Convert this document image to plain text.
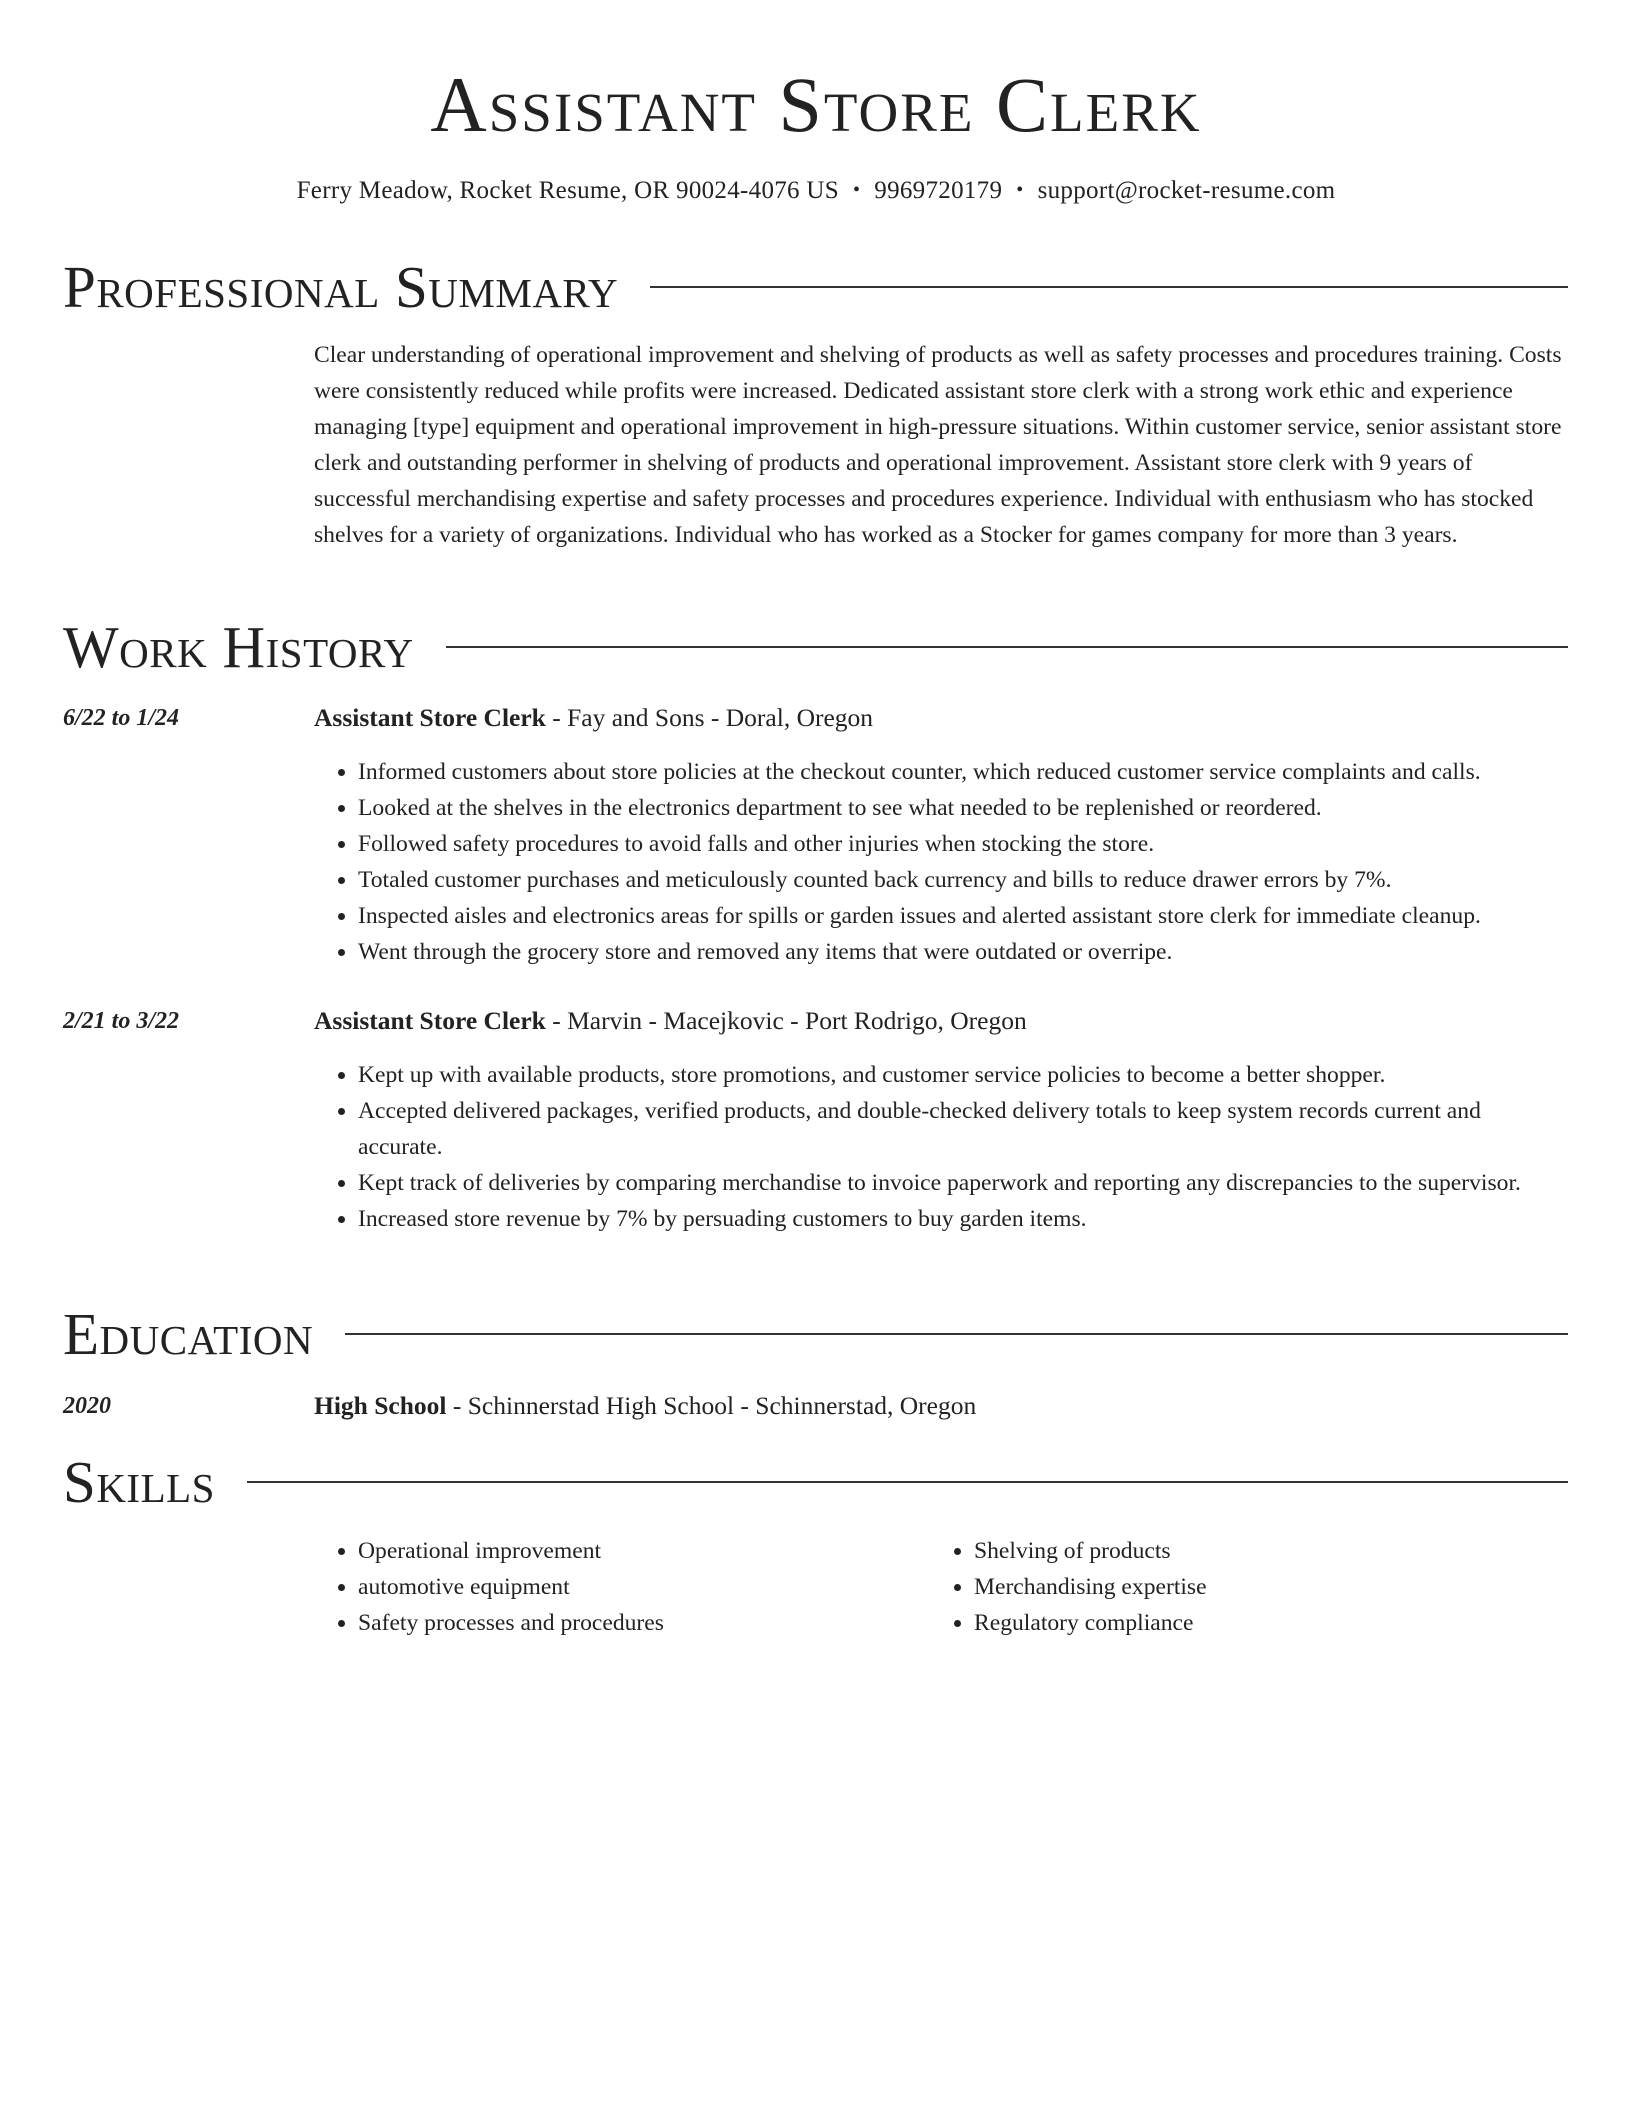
Assistant Store Clerk
Ferry Meadow, Rocket Resume, OR 90024-4076 US • 9969720179 • support@rocket-resume.com
Professional Summary
Clear understanding of operational improvement and shelving of products as well as safety processes and procedures training. Costs were consistently reduced while profits were increased. Dedicated assistant store clerk with a strong work ethic and experience managing [type] equipment and operational improvement in high-pressure situations. Within customer service, senior assistant store clerk and outstanding performer in shelving of products and operational improvement. Assistant store clerk with 9 years of successful merchandising expertise and safety processes and procedures experience. Individual with enthusiasm who has stocked shelves for a variety of organizations. Individual who has worked as a Stocker for games company for more than 3 years.
Work History
6/22 to 1/24	Assistant Store Clerk - Fay and Sons - Doral, Oregon
• Informed customers about store policies at the checkout counter, which reduced customer service complaints and calls.
• Looked at the shelves in the electronics department to see what needed to be replenished or reordered.
• Followed safety procedures to avoid falls and other injuries when stocking the store.
• Totaled customer purchases and meticulously counted back currency and bills to reduce drawer errors by 7%.
• Inspected aisles and electronics areas for spills or garden issues and alerted assistant store clerk for immediate cleanup.
• Went through the grocery store and removed any items that were outdated or overripe.
2/21 to 3/22	Assistant Store Clerk - Marvin - Macejkovic - Port Rodrigo, Oregon
• Kept up with available products, store promotions, and customer service policies to become a better shopper.
• Accepted delivered packages, verified products, and double-checked delivery totals to keep system records current and accurate.
• Kept track of deliveries by comparing merchandise to invoice paperwork and reporting any discrepancies to the supervisor.
• Increased store revenue by 7% by persuading customers to buy garden items.
Education
2020	High School - Schinnerstad High School - Schinnerstad, Oregon
Skills
• Operational improvement
• automotive equipment
• Safety processes and procedures
• Shelving of products
• Merchandising expertise
• Regulatory compliance
